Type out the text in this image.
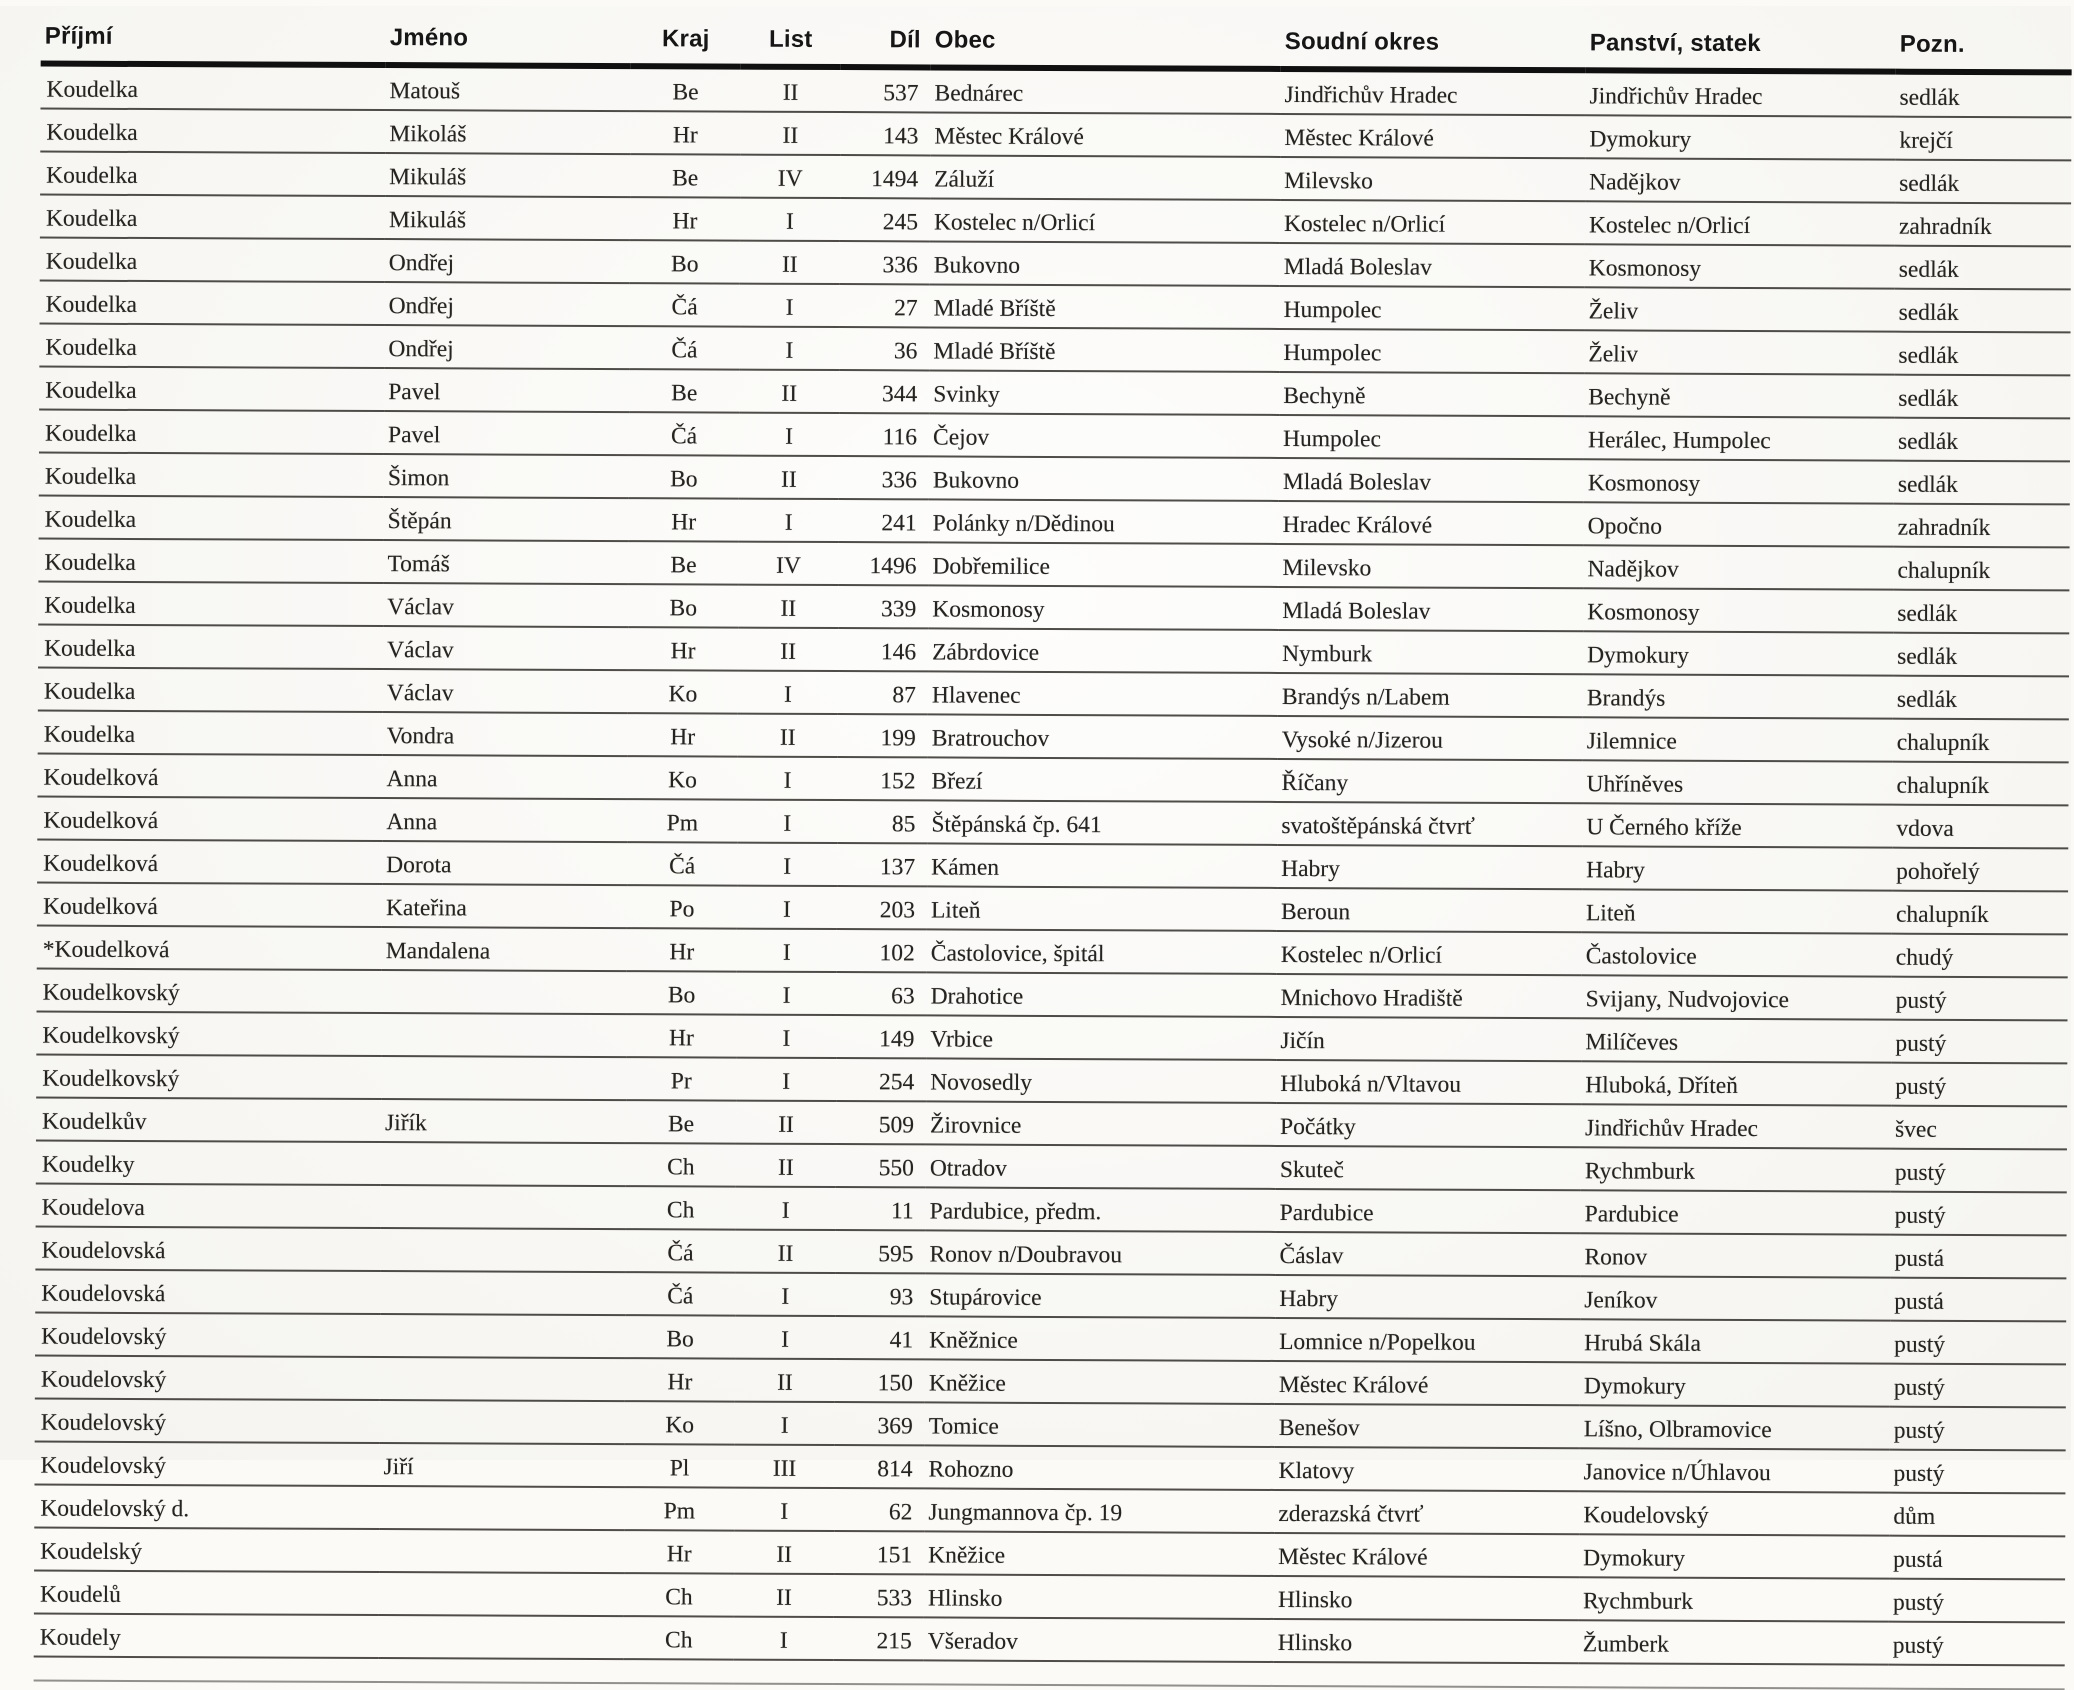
Příjmí	Jméno	Kraj	List	Díl	Obec	Soudní okres	Panství, statek	Pozn.
Koudelka	Matouš	Be	II	537	Bednárec	Jindřichův Hradec	Jindřichův Hradec	sedlák
Koudelka	Mikoláš	Hr	II	143	Městec Králové	Městec Králové	Dymokury	krejčí
Koudelka	Mikuláš	Be	IV	1494	Záluží	Milevsko	Nadějkov	sedlák
Koudelka	Mikuláš	Hr	I	245	Kostelec n/Orlicí	Kostelec n/Orlicí	Kostelec n/Orlicí	zahradník
Koudelka	Ondřej	Bo	II	336	Bukovno	Mladá Boleslav	Kosmonosy	sedlák
Koudelka	Ondřej	Čá	I	27	Mladé Bříště	Humpolec	Želiv	sedlák
Koudelka	Ondřej	Čá	I	36	Mladé Bříště	Humpolec	Želiv	sedlák
Koudelka	Pavel	Be	II	344	Svinky	Bechyně	Bechyně	sedlák
Koudelka	Pavel	Čá	I	116	Čejov	Humpolec	Herálec, Humpolec	sedlák
Koudelka	Šimon	Bo	II	336	Bukovno	Mladá Boleslav	Kosmonosy	sedlák
Koudelka	Štěpán	Hr	I	241	Polánky n/Dědinou	Hradec Králové	Opočno	zahradník
Koudelka	Tomáš	Be	IV	1496	Dobřemilice	Milevsko	Nadějkov	chalupník
Koudelka	Václav	Bo	II	339	Kosmonosy	Mladá Boleslav	Kosmonosy	sedlák
Koudelka	Václav	Hr	II	146	Zábrdovice	Nymburk	Dymokury	sedlák
Koudelka	Václav	Ko	I	87	Hlavenec	Brandýs n/Labem	Brandýs	sedlák
Koudelka	Vondra	Hr	II	199	Bratrouchov	Vysoké n/Jizerou	Jilemnice	chalupník
Koudelková	Anna	Ko	I	152	Březí	Říčany	Uhříněves	chalupník
Koudelková	Anna	Pm	I	85	Štěpánská čp. 641	svatoštěpánská čtvrť	U Černého kříže	vdova
Koudelková	Dorota	Čá	I	137	Kámen	Habry	Habry	pohořelý
Koudelková	Kateřina	Po	I	203	Liteň	Beroun	Liteň	chalupník
*Koudelková	Mandalena	Hr	I	102	Častolovice, špitál	Kostelec n/Orlicí	Častolovice	chudý
Koudelkovský		Bo	I	63	Drahotice	Mnichovo Hradiště	Svijany, Nudvojovice	pustý
Koudelkovský		Hr	I	149	Vrbice	Jičín	Milíčeves	pustý
Koudelkovský		Pr	I	254	Novosedly	Hluboká n/Vltavou	Hluboká, Dříteň	pustý
Koudelkův	Jiřík	Be	II	509	Žirovnice	Počátky	Jindřichův Hradec	švec
Koudelky		Ch	II	550	Otradov	Skuteč	Rychmburk	pustý
Koudelova		Ch	I	11	Pardubice, předm.	Pardubice	Pardubice	pustý
Koudelovská		Čá	II	595	Ronov n/Doubravou	Čáslav	Ronov	pustá
Koudelovská		Čá	I	93	Stupárovice	Habry	Jeníkov	pustá
Koudelovský		Bo	I	41	Kněžnice	Lomnice n/Popelkou	Hrubá Skála	pustý
Koudelovský		Hr	II	150	Kněžice	Městec Králové	Dymokury	pustý
Koudelovský		Ko	I	369	Tomice	Benešov	Líšno, Olbramovice	pustý
Koudelovský	Jiří	Pl	III	814	Rohozno	Klatovy	Janovice n/Úhlavou	pustý
Koudelovský d.		Pm	I	62	Jungmannova čp. 19	zderazská čtvrť	Koudelovský	dům
Koudelský		Hr	II	151	Kněžice	Městec Králové	Dymokury	pustá
Koudelů		Ch	II	533	Hlinsko	Hlinsko	Rychmburk	pustý
Koudely		Ch	I	215	Všeradov	Hlinsko	Žumberk	pustý
